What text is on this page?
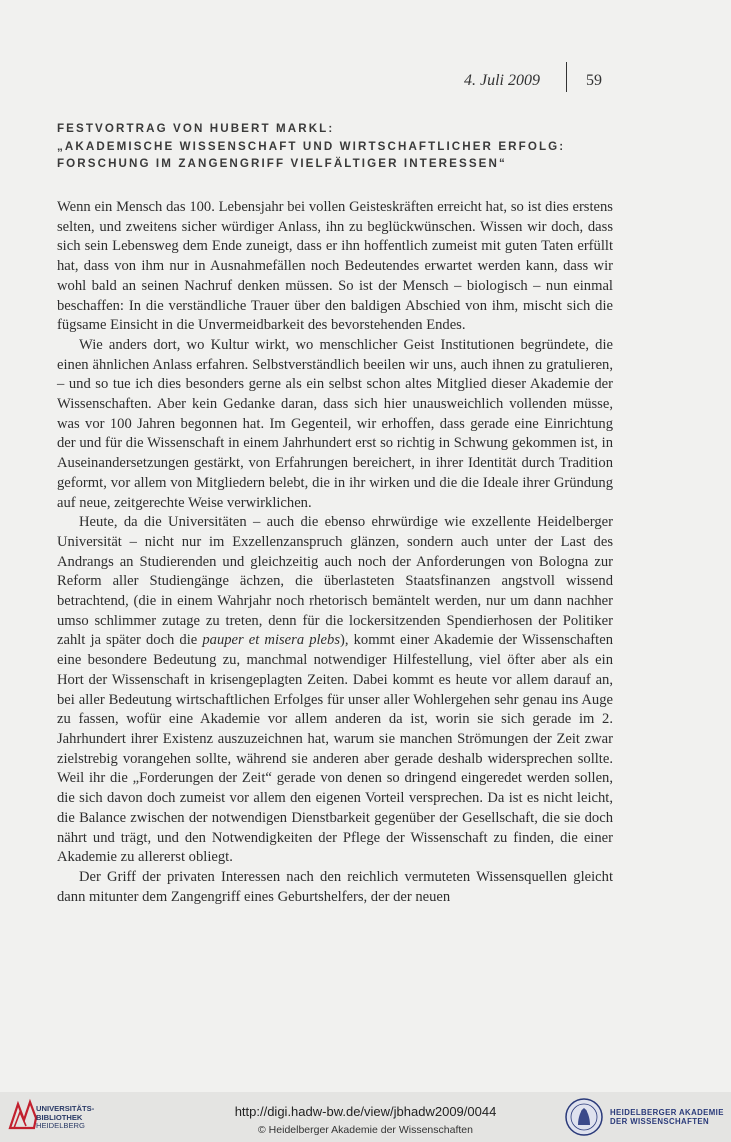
4. Juli 2009	59
FESTVORTRAG VON HUBERT MARKL:
„AKADEMISCHE WISSENSCHAFT UND WIRTSCHAFTLICHER ERFOLG:
FORSCHUNG IM ZANGENGRIFF VIELFÄLTIGER INTERESSEN“

Wenn ein Mensch das 100. Lebensjahr bei vollen Geisteskräften erreicht hat, so ist dies erstens selten, und zweitens sicher würdiger Anlass, ihn zu beglückwünschen. Wissen wir doch, dass sich sein Lebensweg dem Ende zuneigt, dass er ihn hoffentlich zumeist mit guten Taten erfüllt hat, dass von ihm nur in Ausnahmefällen noch Bedeutendes erwartet werden kann, dass wir wohl bald an seinen Nachruf denken müssen. So ist der Mensch – biologisch – nun einmal beschaffen: In die verständliche Trauer über den baldigen Abschied von ihm, mischt sich die fügsame Einsicht in die Unvermeidbarkeit des bevorstehenden Endes.

Wie anders dort, wo Kultur wirkt, wo menschlicher Geist Institutionen begründete, die einen ähnlichen Anlass erfahren. Selbstverständlich beeilen wir uns, auch ihnen zu gratulieren, – und so tue ich dies besonders gerne als ein selbst schon altes Mitglied dieser Akademie der Wissenschaften. Aber kein Gedanke daran, dass sich hier unausweichlich vollenden müsse, was vor 100 Jahren begonnen hat. Im Gegenteil, wir erhoffen, dass gerade eine Einrichtung der und für die Wissenschaft in einem Jahrhundert erst so richtig in Schwung gekommen ist, in Auseinandersetzungen gestärkt, von Erfahrungen bereichert, in ihrer Identität durch Tradition geformt, vor allem von Mitgliedern belebt, die in ihr wirken und die die Ideale ihrer Gründung auf neue, zeitgerechte Weise verwirklichen.

Heute, da die Universitäten – auch die ebenso ehrwürdige wie exzellente Heidelberger Universität – nicht nur im Exzellenzanspruch glänzen, sondern auch unter der Last des Andrangs an Studierenden und gleichzeitig auch noch der Anforderungen von Bologna zur Reform aller Studiengänge ächzen, die überlasteten Staatsfinanzen angstvoll wissend betrachtend, (die in einem Wahrjahr noch rhetorisch bemäntelt werden, nur um dann nachher umso schlimmer zutage zu treten, denn für die lockersitzenden Spendierhosen der Politiker zahlt ja später doch die pauper et misera plebs), kommt einer Akademie der Wissenschaften eine besondere Bedeutung zu, manchmal notwendiger Hilfestellung, viel öfter aber als ein Hort der Wissenschaft in krisengeplagten Zeiten. Dabei kommt es heute vor allem darauf an, bei aller Bedeutung wirtschaftlichen Erfolges für unser aller Wohlergehen sehr genau ins Auge zu fassen, wofür eine Akademie vor allem anderen da ist, worin sie sich gerade im 2. Jahrhundert ihrer Existenz auszuzeichnen hat, warum sie manchen Strömungen der Zeit zwar zielstrebig vorangehen sollte, während sie anderen aber gerade deshalb widersprechen sollte. Weil ihr die „Forderungen der Zeit“ gerade von denen so dringend eingeredet werden sollen, die sich davon doch zumeist vor allem den eigenen Vorteil versprechen. Da ist es nicht leicht, die Balance zwischen der notwendigen Dienstbarkeit gegenüber der Gesellschaft, die sie doch nährt und trägt, und den Notwendigkeiten der Pflege der Wissenschaft zu finden, die einer Akademie zu allererst obliegt.

Der Griff der privaten Interessen nach den reichlich vermuteten Wissensquellen gleicht dann mitunter dem Zangengriff eines Geburtshelfers, der der neuen

UNIVERSITÄTS-
BIBLIOTHEK
HEIDELBERG
http://digi.hadw-bw.de/view/jbhadw2009/0044
© Heidelberger Akademie der Wissenschaften
HEIDELBERGER AKADEMIE
DER WISSENSCHAFTEN
